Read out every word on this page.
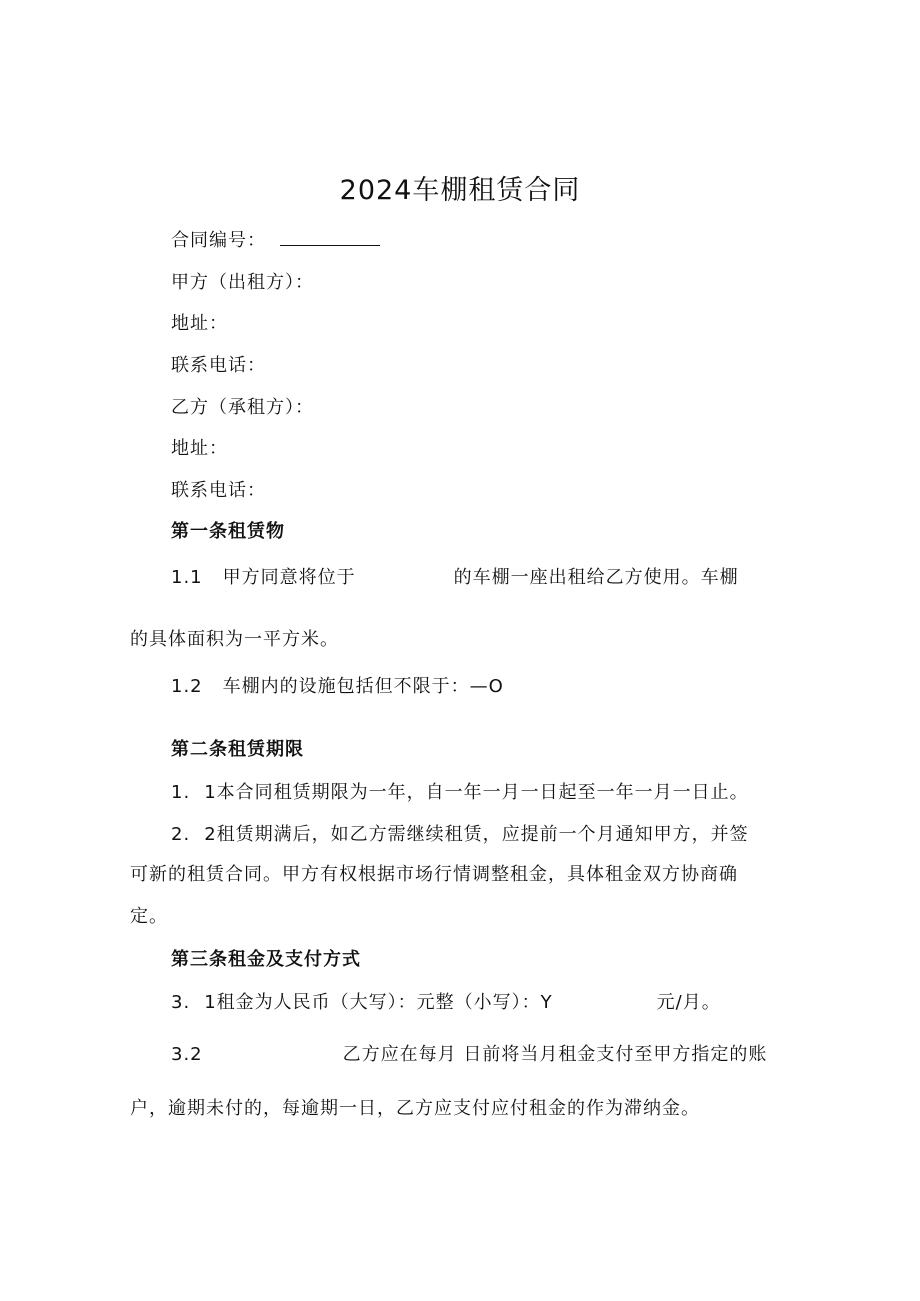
2024车棚租赁合同
合同编号：
甲方（出租方）：
地址：
联系电话：
乙方（承租方）：
地址：
联系电话：
第一条租赁物
1.1 甲方同意将位于	的车棚一座出租给乙方使用。车棚
的具体面积为一平方米。
1.2 车棚内的设施包括但不限于：—O
第二条租赁期限
1. 1本合同租赁期限为一年，自一年一月一日起至一年一月一日止。
2. 2租赁期满后，如乙方需继续租赁，应提前一个月通知甲方，并签
可新的租赁合同。甲方有权根据市场行情调整租金，具体租金双方协商确
定。
第三条租金及支付方式
3. 1租金为人民币（大写）：元整（小写）：Y	元/月。
3.2	乙方应在每月 日前将当月租金支付至甲方指定的账
户，逾期未付的，每逾期一日，乙方应支付应付租金的作为滞纳金。
